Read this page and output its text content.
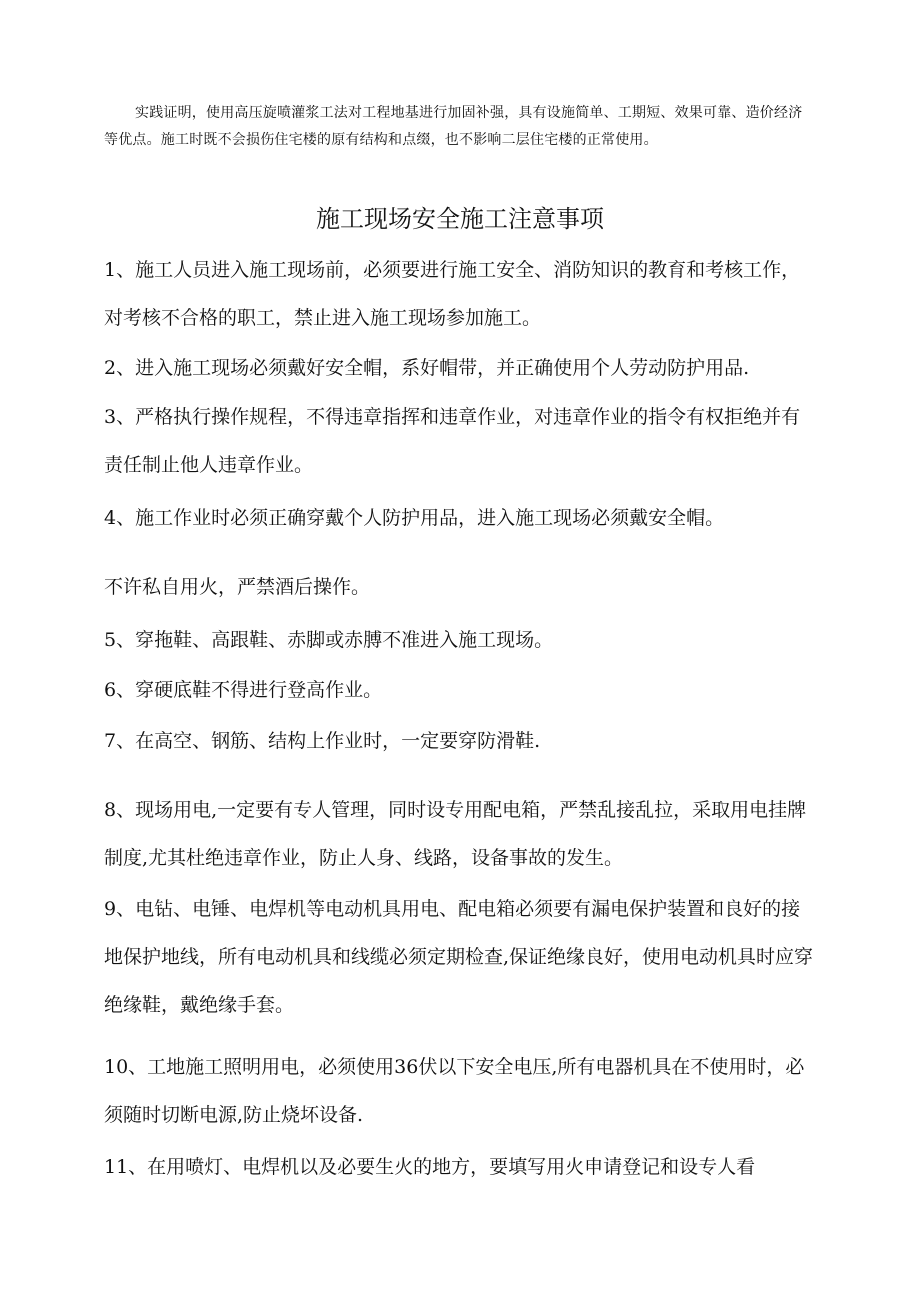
实践证明，使用高压旋喷灌浆工法对工程地基进行加固补强，具有设施简单、工期短、效果可靠、造价经济等优点。施工时既不会损伤住宅楼的原有结构和点缀，也不影响二层住宅楼的正常使用。

施工现场安全施工注意事项

1、施工人员进入施工现场前，必须要进行施工安全、消防知识的教育和考核工作，对考核不合格的职工，禁止进入施工现场参加施工。

2、进入施工现场必须戴好安全帽，系好帽带，并正确使用个人劳动防护用品.

3、严格执行操作规程，不得违章指挥和违章作业，对违章作业的指令有权拒绝并有责任制止他人违章作业。

4、施工作业时必须正确穿戴个人防护用品，进入施工现场必须戴安全帽。

不许私自用火，严禁酒后操作。

5、穿拖鞋、高跟鞋、赤脚或赤膊不准进入施工现场。

6、穿硬底鞋不得进行登高作业。

7、在高空、钢筋、结构上作业时，一定要穿防滑鞋.

8、现场用电,一定要有专人管理，同时设专用配电箱，严禁乱接乱拉，采取用电挂牌制度,尤其杜绝违章作业，防止人身、线路，设备事故的发生。

9、电钻、电锤、电焊机等电动机具用电、配电箱必须要有漏电保护装置和良好的接地保护地线，所有电动机具和线缆必须定期检查,保证绝缘良好，使用电动机具时应穿绝缘鞋，戴绝缘手套。

10、工地施工照明用电，必须使用36伏以下安全电压,所有电器机具在不使用时，必须随时切断电源,防止烧坏设备.

11、在用喷灯、电焊机以及必要生火的地方，要填写用火申请登记和设专人看
